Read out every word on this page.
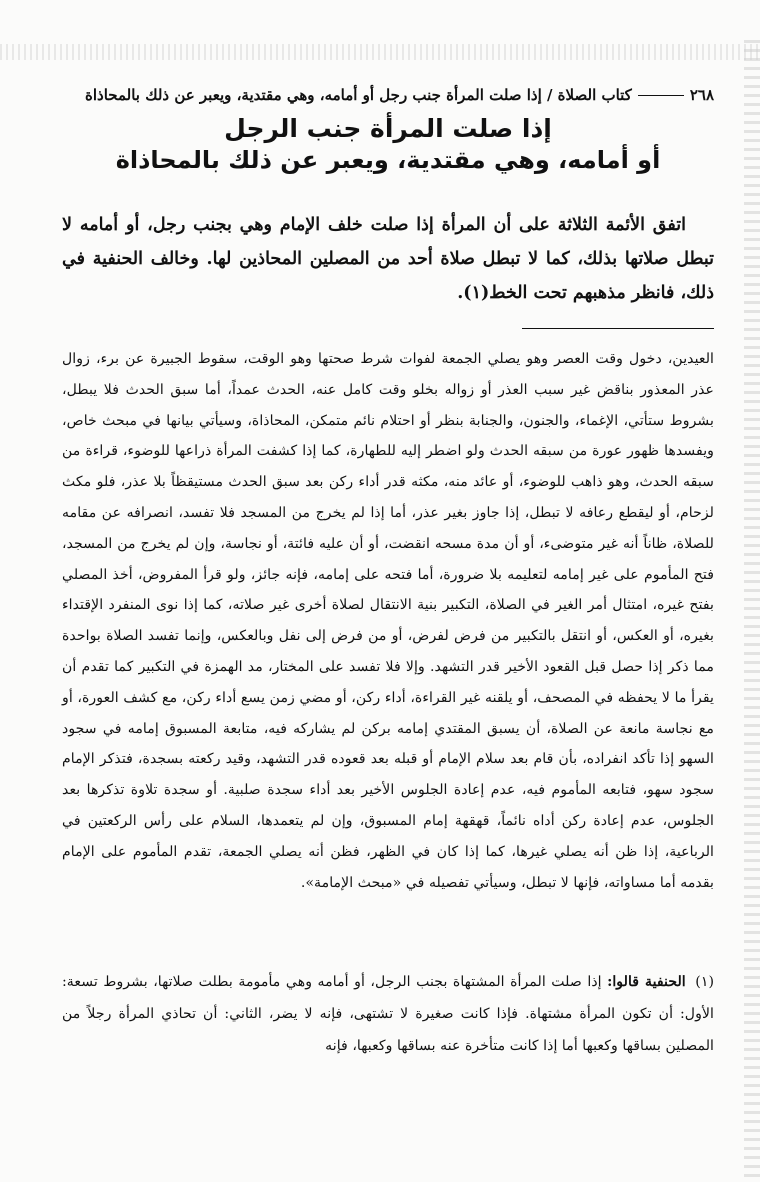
٢٦٨
كتاب الصلاة / إذا صلت المرأة جنب رجل أو أمامه، وهي مقتدية، ويعبر عن ذلك بالمحاذاة
إذا صلت المرأة جنب الرجل
أو أمامه، وهي مقتدية، ويعبر عن ذلك بالمحاذاة

اتفق الأئمة الثلاثة على أن المرأة إذا صلت خلف الإمام وهي بجنب رجل، أو أمامه لا تبطل صلاتها بذلك، كما لا تبطل صلاة أحد من المصلين المحاذين لها. وخالف الحنفية في ذلك، فانظر مذهبهم تحت الخط(١).

العيدين، دخول وقت العصر وهو يصلي الجمعة لفوات شرط صحتها وهو الوقت، سقوط الجبيرة عن برء، زوال عذر المعذور بناقض غير سبب العذر أو زواله بخلو وقت كامل عنه، الحدث عمداً، أما سبق الحدث فلا يبطل، بشروط ستأتي، الإغماء، والجنون، والجنابة بنظر أو احتلام نائم متمكن، المحاذاة، وسيأتي بيانها في مبحث خاص، ويفسدها ظهور عورة من سبقه الحدث ولو اضطر إليه للطهارة، كما إذا كشفت المرأة ذراعها للوضوء، قراءة من سبقه الحدث، وهو ذاهب للوضوء، أو عائد منه، مكثه قدر أداء ركن بعد سبق الحدث مستيقظاً بلا عذر، فلو مكث لزحام، أو ليقطع رعافه لا تبطل، إذا جاوز بغير عذر، أما إذا لم يخرج من المسجد فلا تفسد، انصرافه عن مقامه للصلاة، ظاناً أنه غير متوضىء، أو أن مدة مسحه انقضت، أو أن عليه فائتة، أو نجاسة، وإن لم يخرج من المسجد، فتح المأموم على غير إمامه لتعليمه بلا ضرورة، أما فتحه على إمامه، فإنه جائز، ولو قرأ المفروض، أخذ المصلي بفتح غيره، امتثال أمر الغير في الصلاة، التكبير بنية الانتقال لصلاة أخرى غير صلاته، كما إذا نوى المنفرد الإقتداء بغيره، أو العكس، أو انتقل بالتكبير من فرض لفرض، أو من فرض إلى نفل وبالعكس، وإنما تفسد الصلاة بواحدة مما ذكر إذا حصل قبل القعود الأخير قدر التشهد. وإلا فلا تفسد على المختار، مد الهمزة في التكبير كما تقدم أن يقرأ ما لا يحفظه في المصحف، أو يلقنه غير القراءة، أداء ركن، أو مضي زمن يسع أداء ركن، مع كشف العورة، أو مع نجاسة مانعة عن الصلاة، أن يسبق المقتدي إمامه بركن لم يشاركه فيه، متابعة المسبوق إمامه في سجود السهو إذا تأكد انفراده، بأن قام بعد سلام الإمام أو قبله بعد قعوده قدر التشهد، وقيد ركعته بسجدة، فتذكر الإمام سجود سهو، فتابعه المأموم فيه، عدم إعادة الجلوس الأخير بعد أداء سجدة صلبية. أو سجدة تلاوة تذكرها بعد الجلوس، عدم إعادة ركن أداه نائماً، قهقهة إمام المسبوق، وإن لم يتعمدها، السلام على رأس الركعتين في الرباعية، إذا ظن أنه يصلي غيرها، كما إذا كان في الظهر، فظن أنه يصلي الجمعة، تقدم المأموم على الإمام بقدمه أما مساواته، فإنها لا تبطل، وسيأتي تفصيله في «مبحث الإمامة».

(١) الحنفية قالوا: إذا صلت المرأة المشتهاة بجنب الرجل، أو أمامه وهي مأمومة بطلت صلاتها، بشروط تسعة: الأول: أن تكون المرأة مشتهاة. فإذا كانت صغيرة لا تشتهى، فإنه لا يضر، الثاني: أن تحاذي المرأة رجلاً من المصلين بساقها وكعبها أما إذا كانت متأخرة عنه بساقها وكعبها، فإنه
